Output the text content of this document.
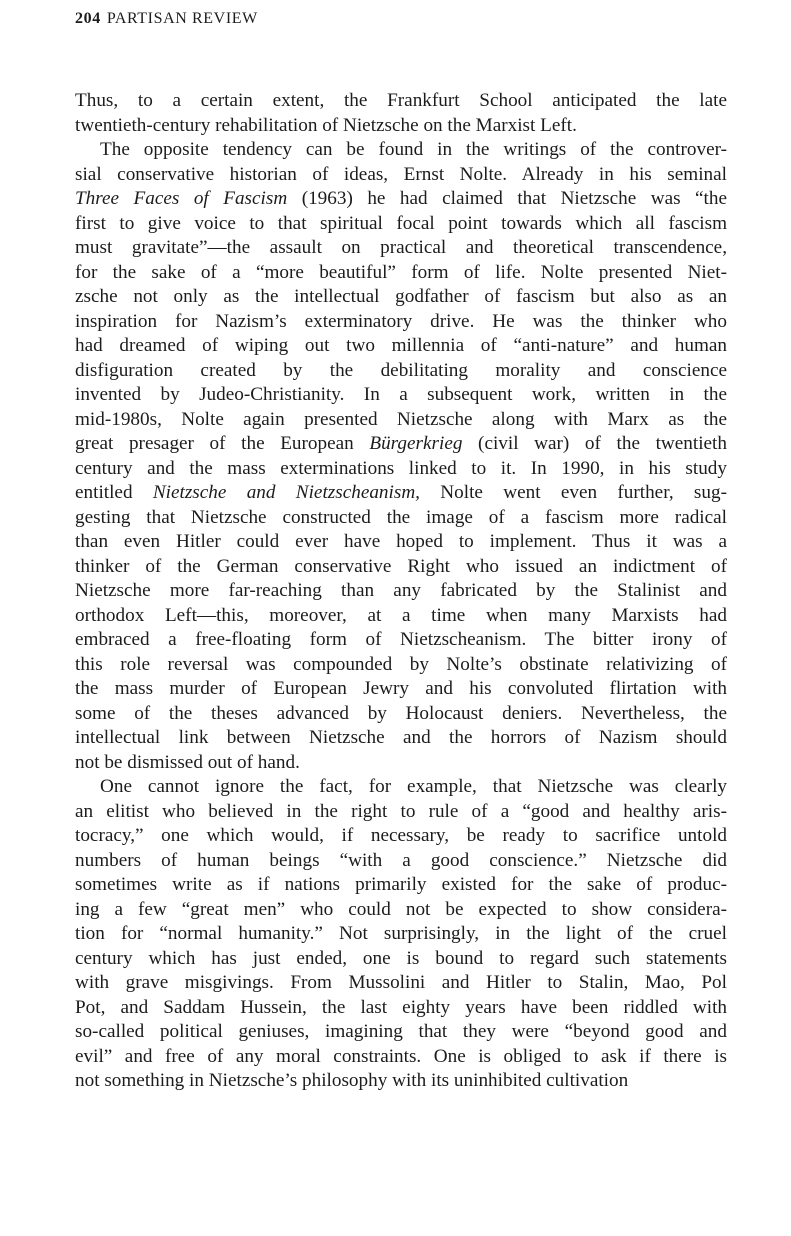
204 PARTISAN REVIEW
Thus, to a certain extent, the Frankfurt School anticipated the late
twentieth-century rehabilitation of Nietzsche on the Marxist Left.
The opposite tendency can be found in the writings of the controver-
sial conservative historian of ideas, Ernst Nolte. Already in his seminal
Three Faces of Fascism (1963) he had claimed that Nietzsche was “the
first to give voice to that spiritual focal point towards which all fascism
must gravitate”—the assault on practical and theoretical transcendence,
for the sake of a “more beautiful” form of life. Nolte presented Niet-
zsche not only as the intellectual godfather of fascism but also as an
inspiration for Nazism’s exterminatory drive. He was the thinker who
had dreamed of wiping out two millennia of “anti-nature” and human
disfiguration created by the debilitating morality and conscience
invented by Judeo-Christianity. In a subsequent work, written in the
mid-1980s, Nolte again presented Nietzsche along with Marx as the
great presager of the European Bürgerkrieg (civil war) of the twentieth
century and the mass exterminations linked to it. In 1990, in his study
entitled Nietzsche and Nietzscheanism, Nolte went even further, sug-
gesting that Nietzsche constructed the image of a fascism more radical
than even Hitler could ever have hoped to implement. Thus it was a
thinker of the German conservative Right who issued an indictment of
Nietzsche more far-reaching than any fabricated by the Stalinist and
orthodox Left—this, moreover, at a time when many Marxists had
embraced a free-floating form of Nietzscheanism. The bitter irony of
this role reversal was compounded by Nolte’s obstinate relativizing of
the mass murder of European Jewry and his convoluted flirtation with
some of the theses advanced by Holocaust deniers. Nevertheless, the
intellectual link between Nietzsche and the horrors of Nazism should
not be dismissed out of hand.
One cannot ignore the fact, for example, that Nietzsche was clearly
an elitist who believed in the right to rule of a “good and healthy aris-
tocracy,” one which would, if necessary, be ready to sacrifice untold
numbers of human beings “with a good conscience.” Nietzsche did
sometimes write as if nations primarily existed for the sake of produc-
ing a few “great men” who could not be expected to show considera-
tion for “normal humanity.” Not surprisingly, in the light of the cruel
century which has just ended, one is bound to regard such statements
with grave misgivings. From Mussolini and Hitler to Stalin, Mao, Pol
Pot, and Saddam Hussein, the last eighty years have been riddled with
so-called political geniuses, imagining that they were “beyond good and
evil” and free of any moral constraints. One is obliged to ask if there is
not something in Nietzsche’s philosophy with its uninhibited cultivation
